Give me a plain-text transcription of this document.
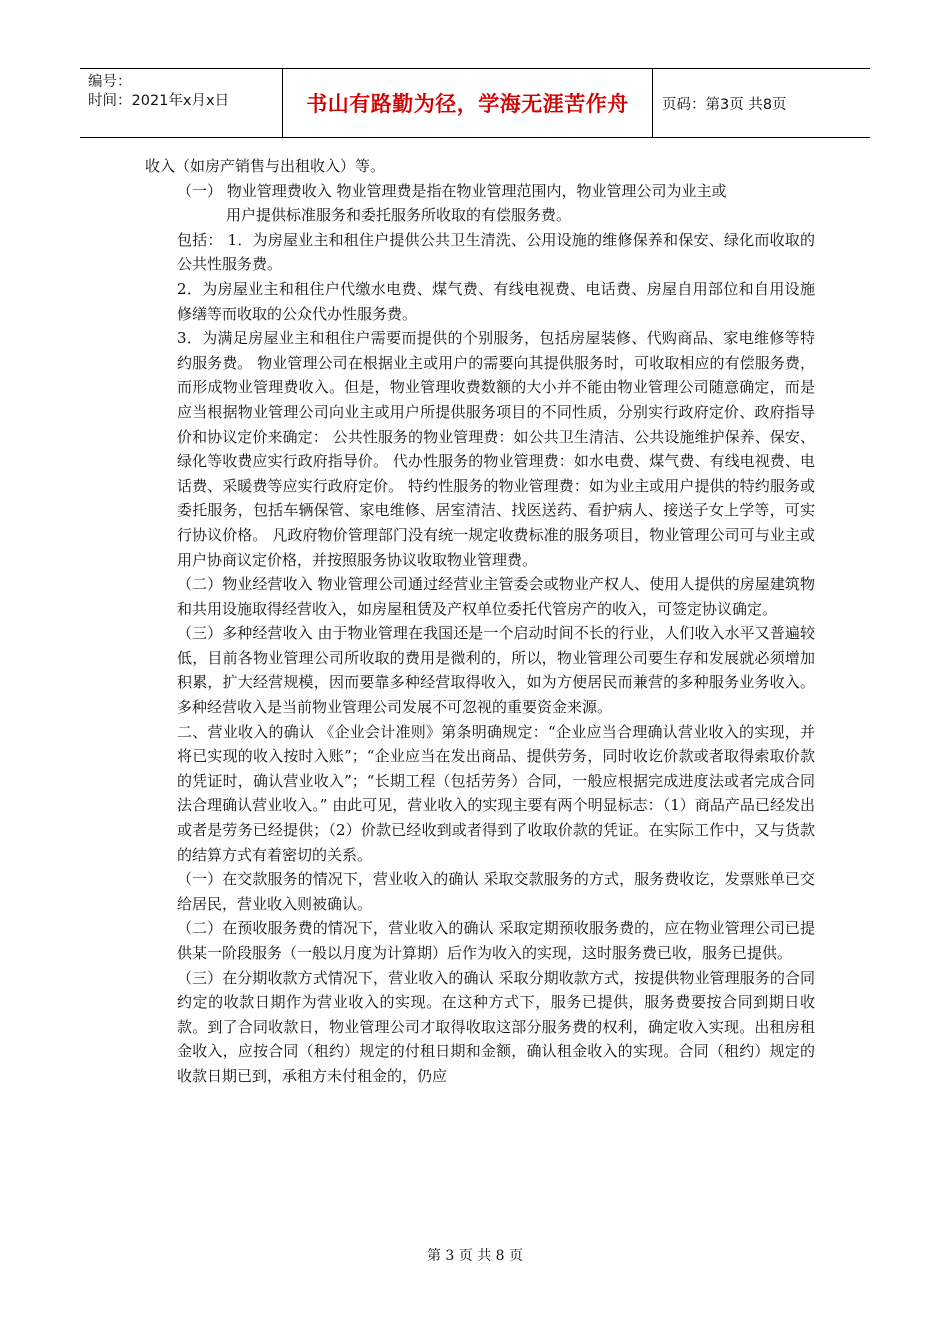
编号：
时间：2021年x月x日	书山有路勤为径，学海无涯苦作舟	页码：第3页 共8页

收入（如房产销售与出租收入）等。

（一） 物业管理费收入 物业管理费是指在物业管理范围内，物业管理公司为业主或

用户提供标准服务和委托服务所收取的有偿服务费。

包括： 1．为房屋业主和租住户提供公共卫生清洗、公用设施的维修保养和保安、绿化而收取的公共性服务费。

2．为房屋业主和租住户代缴水电费、煤气费、有线电视费、电话费、房屋自用部位和自用设施修缮等而收取的公众代办性服务费。

3．为满足房屋业主和租住户需要而提供的个别服务，包括房屋装修、代购商品、家电维修等特约服务费。 物业管理公司在根据业主或用户的需要向其提供服务时，可收取相应的有偿服务费，而形成物业管理费收入。但是，物业管理收费数额的大小并不能由物业管理公司随意确定，而是应当根据物业管理公司向业主或用户所提供服务项目的不同性质，分别实行政府定价、政府指导价和协议定价来确定： 公共性服务的物业管理费：如公共卫生清洁、公共设施维护保养、保安、绿化等收费应实行政府指导价。 代办性服务的物业管理费：如水电费、煤气费、有线电视费、电话费、采暖费等应实行政府定价。 特约性服务的物业管理费：如为业主或用户提供的特约服务或委托服务，包括车辆保管、家电维修、居室清洁、找医送药、看护病人、接送子女上学等，可实行协议价格。 凡政府物价管理部门没有统一规定收费标准的服务项目，物业管理公司可与业主或用户协商议定价格，并按照服务协议收取物业管理费。

（二）物业经营收入 物业管理公司通过经营业主管委会或物业产权人、使用人提供的房屋建筑物和共用设施取得经营收入，如房屋租赁及产权单位委托代管房产的收入，可签定协议确定。

（三）多种经营收入 由于物业管理在我国还是一个启动时间不长的行业，人们收入水平又普遍较低，目前各物业管理公司所收取的费用是微利的，所以，物业管理公司要生存和发展就必须增加积累，扩大经营规模，因而要靠多种经营取得收入，如为方便居民而兼营的多种服务业务收入。多种经营收入是当前物业管理公司发展不可忽视的重要资金来源。

二、营业收入的确认 《企业会计准则》第条明确规定：“企业应当合理确认营业收入的实现，并将已实现的收入按时入账”；“企业应当在发出商品、提供劳务，同时收讫价款或者取得索取价款的凭证时，确认营业收入”；“长期工程（包括劳务）合同，一般应根据完成进度法或者完成合同法合理确认营业收入。” 由此可见，营业收入的实现主要有两个明显标志：（1）商品产品已经发出或者是劳务已经提供；（2）价款已经收到或者得到了收取价款的凭证。在实际工作中，又与货款的结算方式有着密切的关系。

（一）在交款服务的情况下，营业收入的确认 采取交款服务的方式，服务费收讫，发票账单已交给居民，营业收入则被确认。

（二）在预收服务费的情况下，营业收入的确认 采取定期预收服务费的，应在物业管理公司已提供某一阶段服务（一般以月度为计算期）后作为收入的实现，这时服务费已收，服务已提供。

（三）在分期收款方式情况下，营业收入的确认 采取分期收款方式，按提供物业管理服务的合同约定的收款日期作为营业收入的实现。在这种方式下，服务已提供，服务费要按合同到期日收款。到了合同收款日，物业管理公司才取得收取这部分服务费的权利，确定收入实现。出租房租金收入，应按合同（租约）规定的付租日期和金额，确认租金收入的实现。合同（租约）规定的收款日期已到，承租方未付租金的，仍应

第 3 页 共 8 页
